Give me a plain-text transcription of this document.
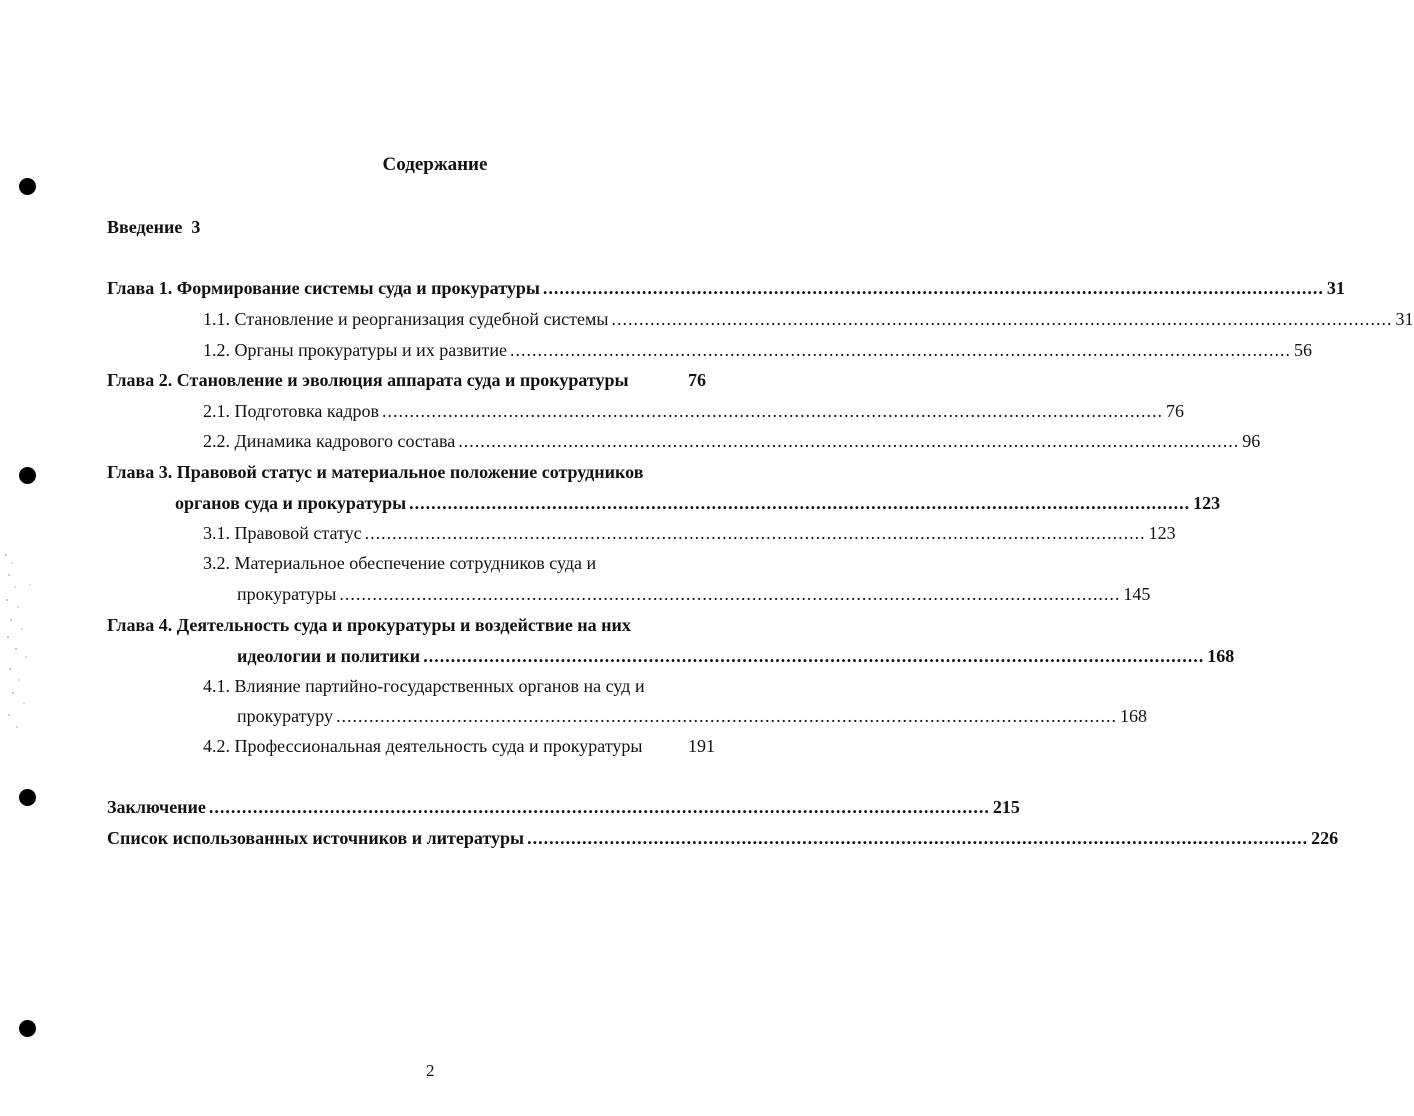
Содержание
Введение 3
Глава 1. Формирование системы суда и прокуратуры .............................................................................................................................................. 31
1.1. Становление и реорганизация судебной системы .............................................................................................................................................. 31
1.2. Органы прокуратуры и их развитие .............................................................................................................................................. 56
Глава 2. Становление и эволюция аппарата суда и прокуратуры	76
2.1. Подготовка кадров .............................................................................................................................................. 76
2.2. Динамика кадрового состава .............................................................................................................................................. 96
Глава 3. Правовой статус и материальное положение сотрудников
органов суда и прокуратуры .............................................................................................................................................. 123
3.1. Правовой статус .............................................................................................................................................. 123
3.2. Материальное обеспечение сотрудников суда и
прокуратуры .............................................................................................................................................. 145
Глава 4. Деятельность суда и прокуратуры и воздействие на них
идеологии и политики .............................................................................................................................................. 168
4.1. Влияние партийно-государственных органов на суд и
прокуратуру .............................................................................................................................................. 168
4.2. Профессиональная деятельность суда и прокуратуры	191
Заключение .............................................................................................................................................. 215
Список использованных источников и литературы .............................................................................................................................................. 226
2
